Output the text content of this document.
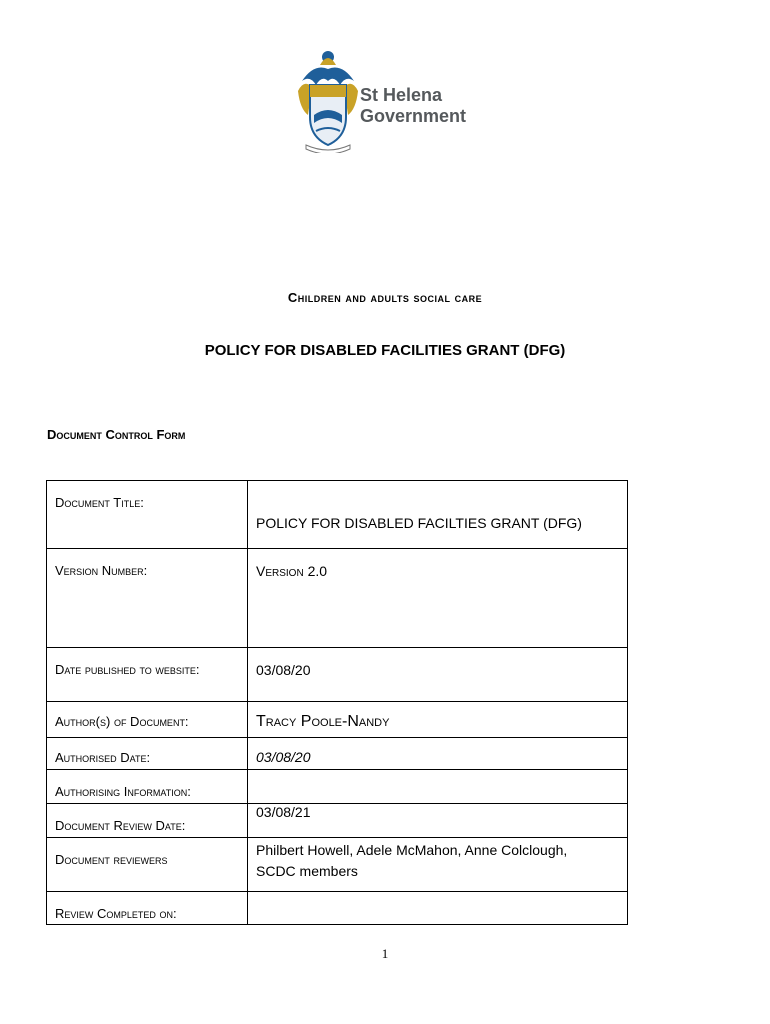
St Helena
Government
Children and adults social care
POLICY FOR DISABLED FACILITIES GRANT (DFG)
Document Control Form
Document Title:	POLICY FOR DISABLED FACILTIES GRANT (DFG)
Version Number:	Version 2.0
Date published to website:	03/08/20
Author(s) of Document:	Tracy Poole-Nandy
Authorised Date:	03/08/20
Authorising Information:	
Document Review Date:	03/08/21
Document reviewers	Philbert Howell, Adele McMahon, Anne Colclough, SCDC members
Review Completed on:	
1
